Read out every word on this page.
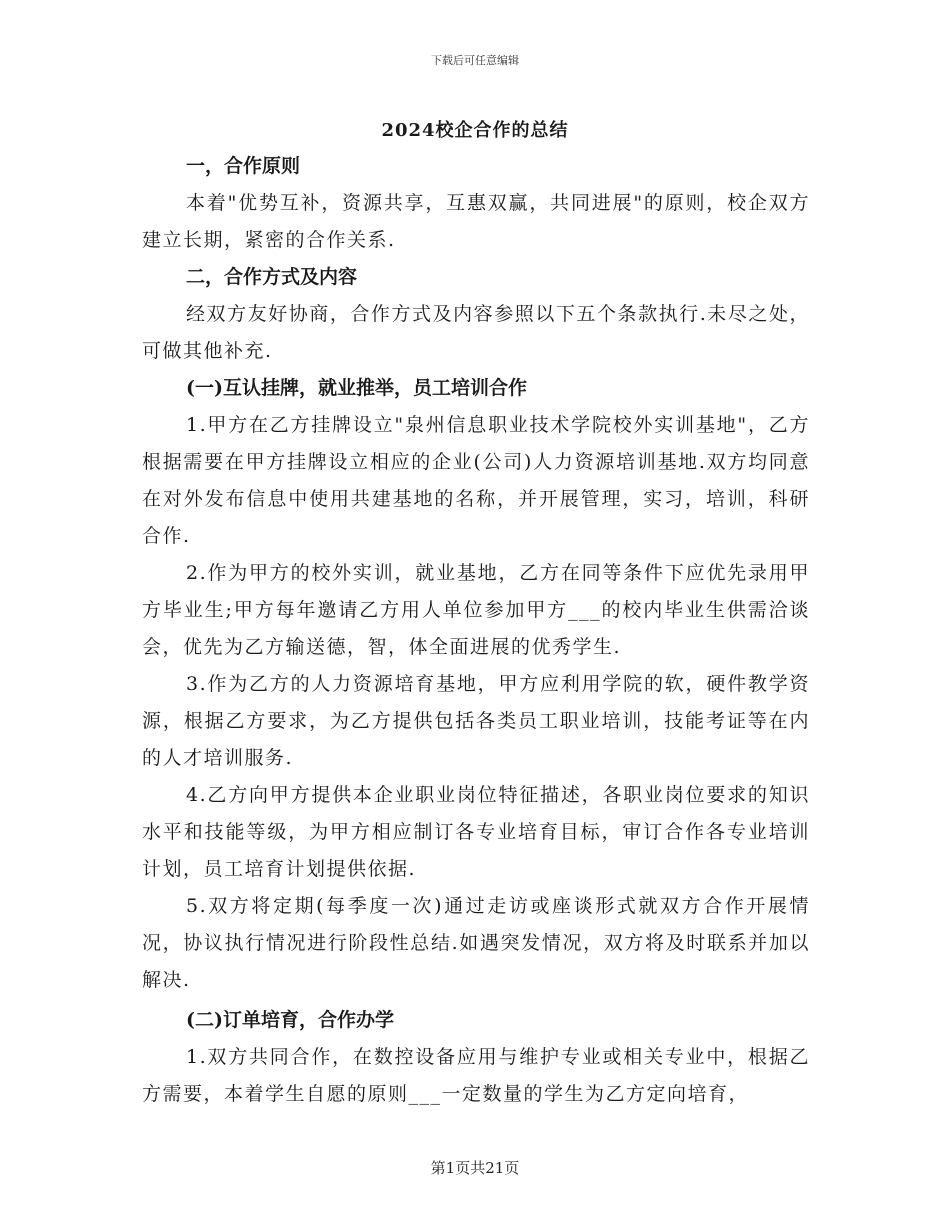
下载后可任意编辑
2024校企合作的总结

一，合作原则

本着"优势互补，资源共享，互惠双赢，共同进展"的原则，校企双方建立长期，紧密的合作关系.

二，合作方式及内容

经双方友好协商，合作方式及内容参照以下五个条款执行.未尽之处，可做其他补充.

(一)互认挂牌，就业推举，员工培训合作

1.甲方在乙方挂牌设立"泉州信息职业技术学院校外实训基地"，乙方根据需要在甲方挂牌设立相应的企业(公司)人力资源培训基地.双方均同意在对外发布信息中使用共建基地的名称，并开展管理，实习，培训，科研合作.

2.作为甲方的校外实训，就业基地，乙方在同等条件下应优先录用甲方毕业生;甲方每年邀请乙方用人单位参加甲方___的校内毕业生供需洽谈会，优先为乙方输送德，智，体全面进展的优秀学生.

3.作为乙方的人力资源培育基地，甲方应利用学院的软，硬件教学资源，根据乙方要求，为乙方提供包括各类员工职业培训，技能考证等在内的人才培训服务.

4.乙方向甲方提供本企业职业岗位特征描述，各职业岗位要求的知识水平和技能等级，为甲方相应制订各专业培育目标，审订合作各专业培训计划，员工培育计划提供依据.

5.双方将定期(每季度一次)通过走访或座谈形式就双方合作开展情况，协议执行情况进行阶段性总结.如遇突发情况，双方将及时联系并加以解决.

(二)订单培育，合作办学

1.双方共同合作，在数控设备应用与维护专业或相关专业中，根据乙方需要，本着学生自愿的原则___一定数量的学生为乙方定向培育，

第1页共21页
